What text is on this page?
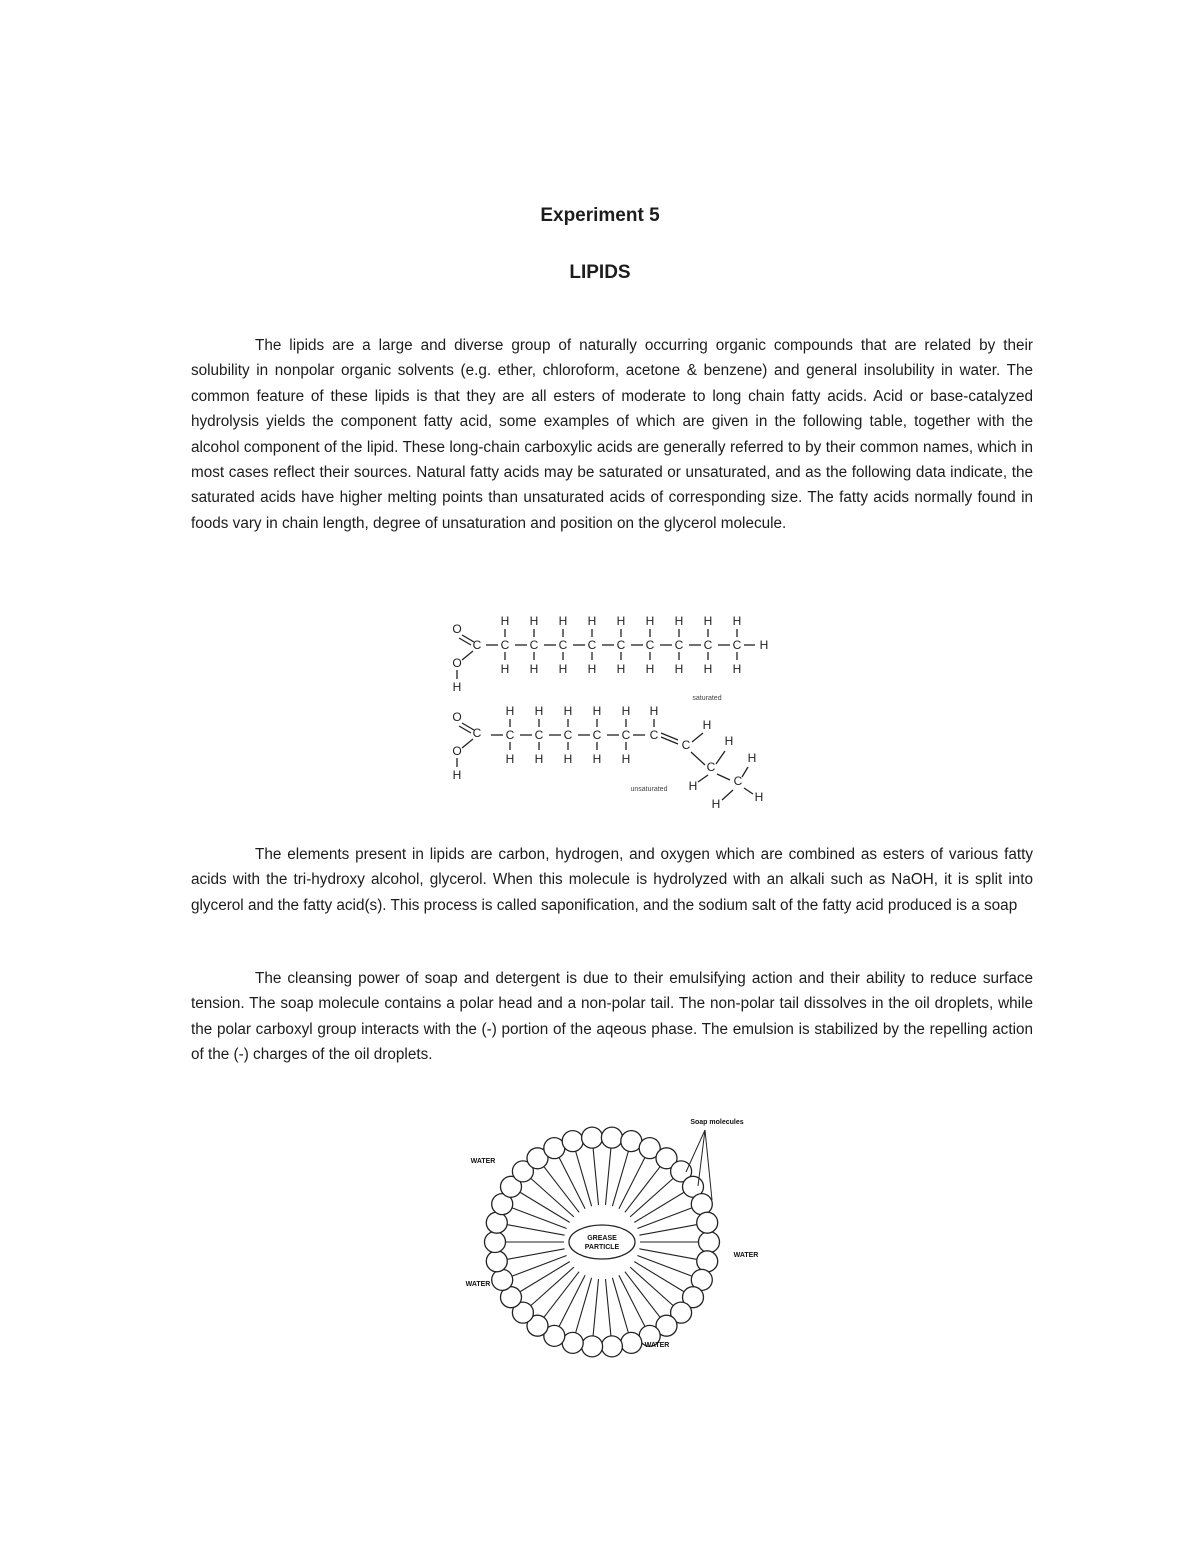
Experiment 5
LIPIDS

The lipids are a large and diverse group of naturally occurring organic compounds that are related by their solubility in nonpolar organic solvents (e.g. ether, chloroform, acetone & benzene) and general insolubility in water. The common feature of these lipids is that they are all esters of moderate to long chain fatty acids. Acid or base-catalyzed hydrolysis yields the component fatty acid, some examples of which are given in the following table, together with the alcohol component of the lipid. These long-chain carboxylic acids are generally referred to by their common names, which in most cases reflect their sources. Natural fatty acids may be saturated or unsaturated, and as the following data indicate, the saturated acids have higher melting points than unsaturated acids of corresponding size. The fatty acids normally found in foods vary in chain length, degree of unsaturation and position on the glycerol molecule.

O
C
O
H
C
H
H
C
H
H
C
H
H
C
H
H
C
H
H
C
H
H
C
H
H
C
H
H
C
H
H
H
O
C
O
H
C
H
H
C
H
H
C
H
H
C
H
H
C
H
H
C
H
C
H
C
H
H	C
H
H
H
saturated
unsaturated

The elements present in lipids are carbon, hydrogen, and oxygen which are combined as esters of various fatty acids with the tri-hydroxy alcohol, glycerol. When this molecule is hydrolyzed with an alkali such as NaOH, it is split into glycerol and the fatty acid(s). This process is called saponification, and the sodium salt of the fatty acid produced is a soap

The cleansing power of soap and detergent is due to their emulsifying action and their ability to reduce surface tension. The soap molecule contains a polar head and a non-polar tail. The non-polar tail dissolves in the oil droplets, while the polar carboxyl group interacts with the (-) portion of the aqeous phase. The emulsion is stabilized by the repelling action of the (-) charges of the oil droplets.

GREASE
PARTICLE
Soap molecules
WATER
WATER
WATER
WATER
